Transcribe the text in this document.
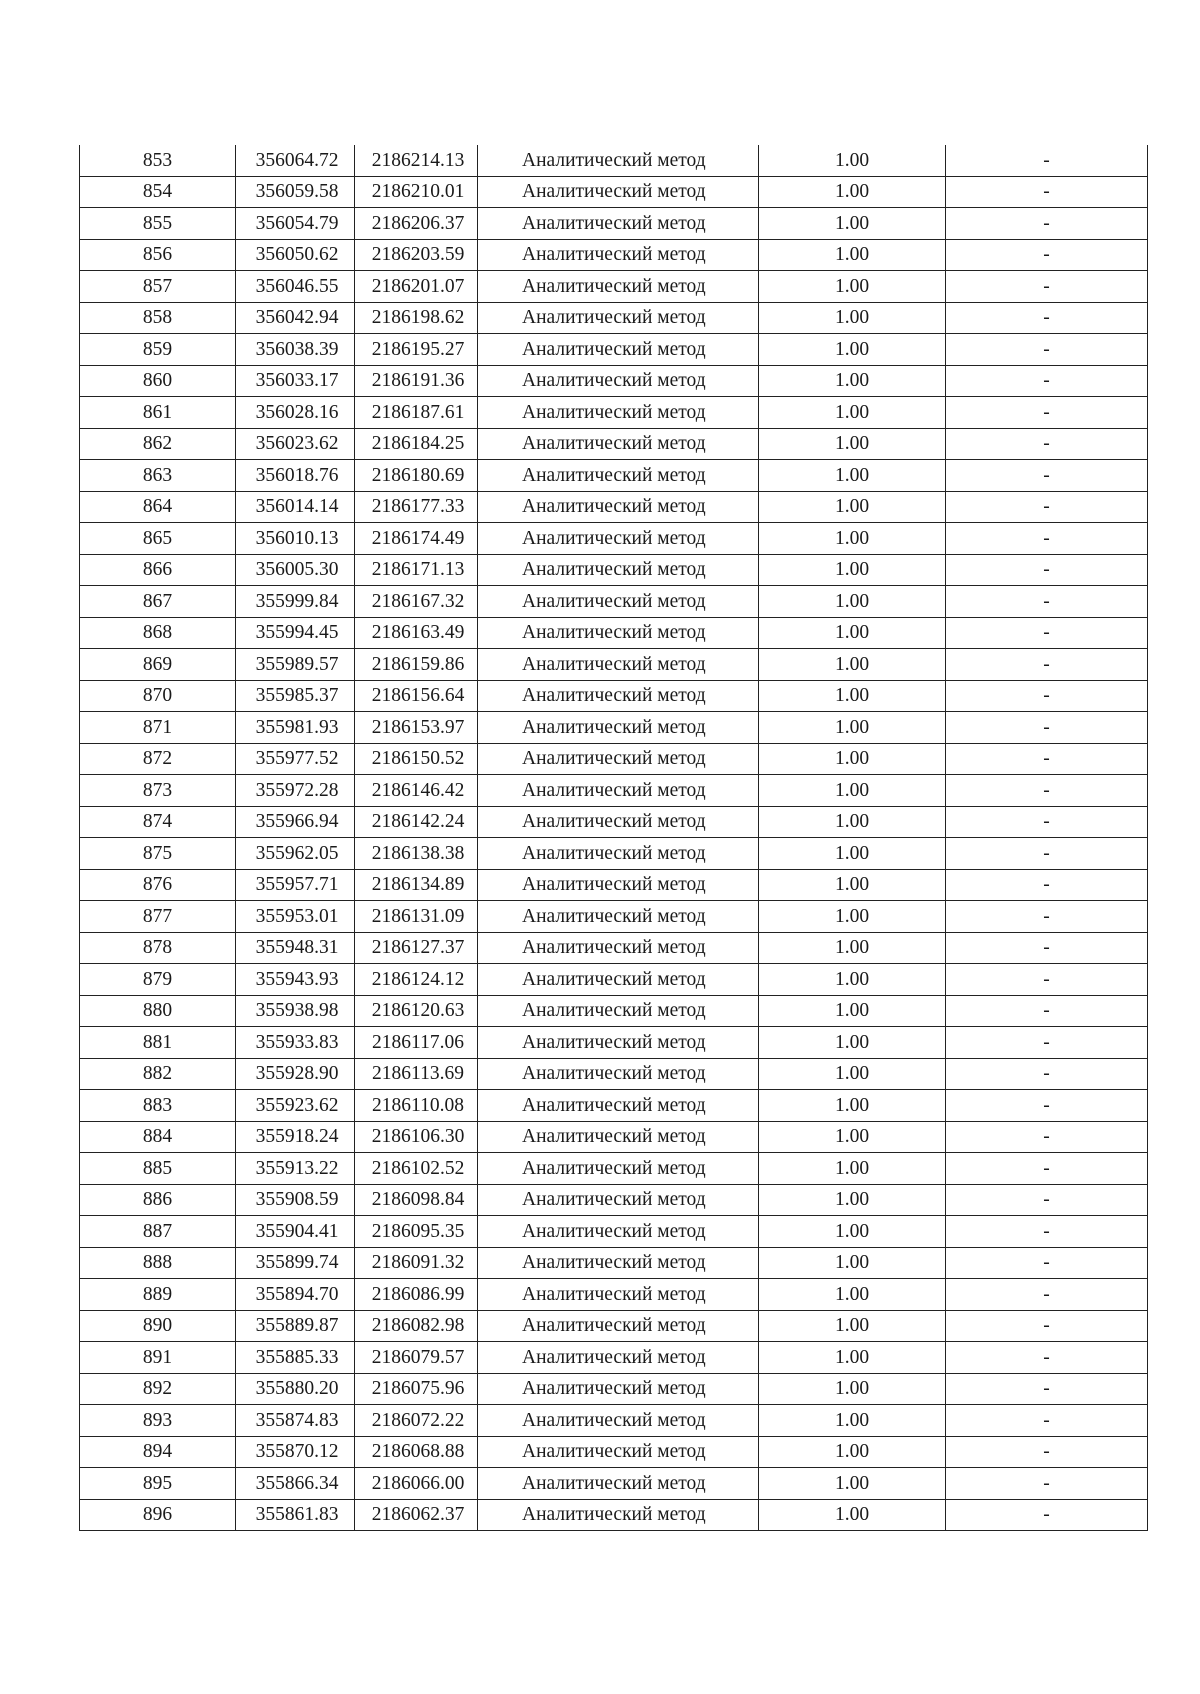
853	356064.72	2186214.13	Аналитический метод	1.00	-
854	356059.58	2186210.01	Аналитический метод	1.00	-
855	356054.79	2186206.37	Аналитический метод	1.00	-
856	356050.62	2186203.59	Аналитический метод	1.00	-
857	356046.55	2186201.07	Аналитический метод	1.00	-
858	356042.94	2186198.62	Аналитический метод	1.00	-
859	356038.39	2186195.27	Аналитический метод	1.00	-
860	356033.17	2186191.36	Аналитический метод	1.00	-
861	356028.16	2186187.61	Аналитический метод	1.00	-
862	356023.62	2186184.25	Аналитический метод	1.00	-
863	356018.76	2186180.69	Аналитический метод	1.00	-
864	356014.14	2186177.33	Аналитический метод	1.00	-
865	356010.13	2186174.49	Аналитический метод	1.00	-
866	356005.30	2186171.13	Аналитический метод	1.00	-
867	355999.84	2186167.32	Аналитический метод	1.00	-
868	355994.45	2186163.49	Аналитический метод	1.00	-
869	355989.57	2186159.86	Аналитический метод	1.00	-
870	355985.37	2186156.64	Аналитический метод	1.00	-
871	355981.93	2186153.97	Аналитический метод	1.00	-
872	355977.52	2186150.52	Аналитический метод	1.00	-
873	355972.28	2186146.42	Аналитический метод	1.00	-
874	355966.94	2186142.24	Аналитический метод	1.00	-
875	355962.05	2186138.38	Аналитический метод	1.00	-
876	355957.71	2186134.89	Аналитический метод	1.00	-
877	355953.01	2186131.09	Аналитический метод	1.00	-
878	355948.31	2186127.37	Аналитический метод	1.00	-
879	355943.93	2186124.12	Аналитический метод	1.00	-
880	355938.98	2186120.63	Аналитический метод	1.00	-
881	355933.83	2186117.06	Аналитический метод	1.00	-
882	355928.90	2186113.69	Аналитический метод	1.00	-
883	355923.62	2186110.08	Аналитический метод	1.00	-
884	355918.24	2186106.30	Аналитический метод	1.00	-
885	355913.22	2186102.52	Аналитический метод	1.00	-
886	355908.59	2186098.84	Аналитический метод	1.00	-
887	355904.41	2186095.35	Аналитический метод	1.00	-
888	355899.74	2186091.32	Аналитический метод	1.00	-
889	355894.70	2186086.99	Аналитический метод	1.00	-
890	355889.87	2186082.98	Аналитический метод	1.00	-
891	355885.33	2186079.57	Аналитический метод	1.00	-
892	355880.20	2186075.96	Аналитический метод	1.00	-
893	355874.83	2186072.22	Аналитический метод	1.00	-
894	355870.12	2186068.88	Аналитический метод	1.00	-
895	355866.34	2186066.00	Аналитический метод	1.00	-
896	355861.83	2186062.37	Аналитический метод	1.00	-
